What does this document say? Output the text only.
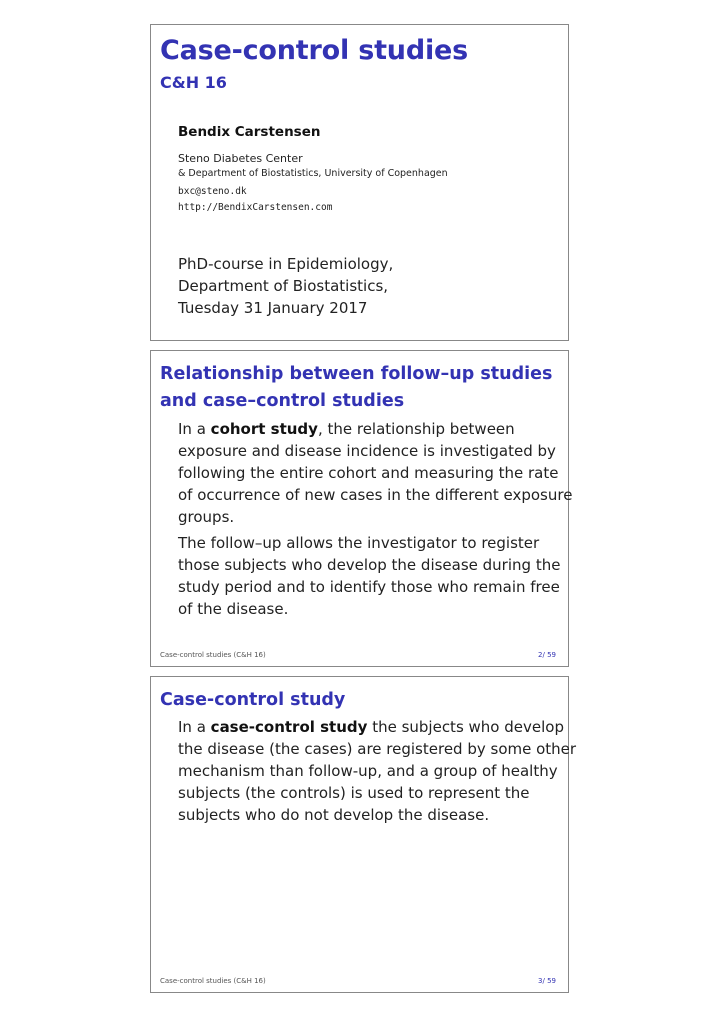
Case-control studies
C&H 16
Bendix Carstensen
Steno Diabetes Center
& Department of Biostatistics, University of Copenhagen
bxc@steno.dk
http://BendixCarstensen.com
PhD-course in Epidemiology,
Department of Biostatistics,
Tuesday 31 January 2017
Relationship between follow–up studies and case–control studies

In a cohort study, the relationship between
exposure and disease incidence is investigated by
following the entire cohort and measuring the rate
of occurrence of new cases in the different exposure
groups.

The follow–up allows the investigator to register
those subjects who develop the disease during the
study period and to identify those who remain free
of the disease.

Case-control studies (C&H 16)	2/ 59
Case-control study

In a case-control study the subjects who develop
the disease (the cases) are registered by some other
mechanism than follow-up, and a group of healthy
subjects (the controls) is used to represent the
subjects who do not develop the disease.

Case-control studies (C&H 16)	3/ 59
